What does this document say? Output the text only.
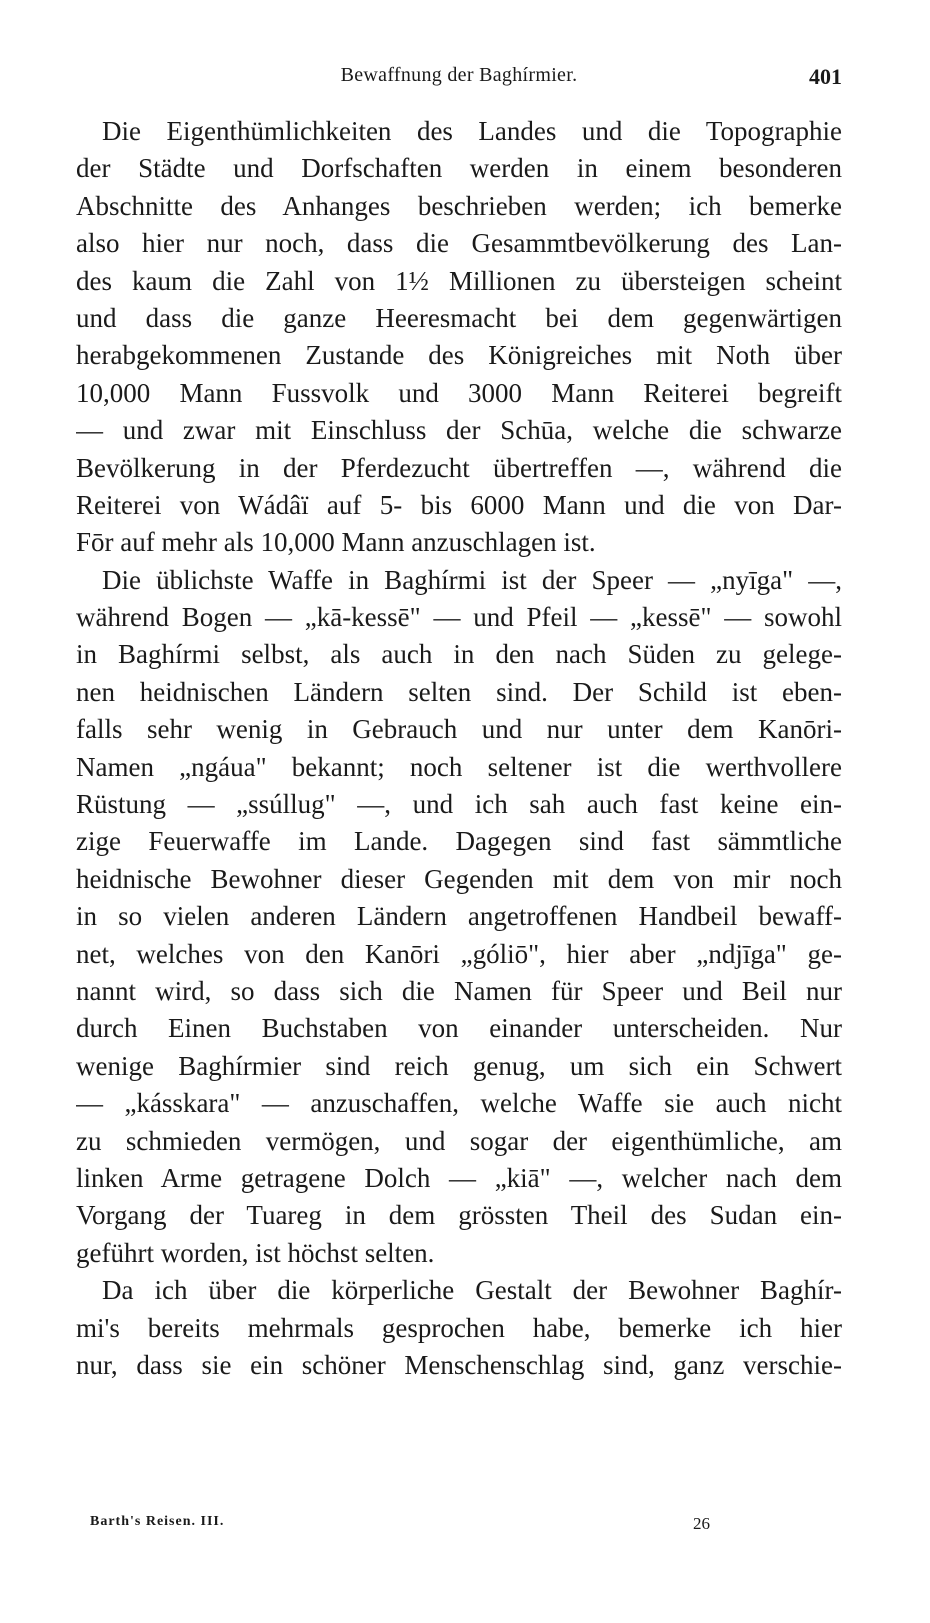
Bewaffnung der Baghírmier.	401
Die Eigenthümlichkeiten des Landes und die Topographie
der Städte und Dorfschaften werden in einem besonderen
Abschnitte des Anhanges beschrieben werden; ich bemerke
also hier nur noch, dass die Gesammtbevölkerung des Lan-
des kaum die Zahl von 1½ Millionen zu übersteigen scheint
und dass die ganze Heeresmacht bei dem gegenwärtigen
herabgekommenen Zustande des Königreiches mit Noth über
10,000 Mann Fussvolk und 3000 Mann Reiterei begreift
— und zwar mit Einschluss der Schūa, welche die schwarze
Bevölkerung in der Pferdezucht übertreffen —, während die
Reiterei von Wádâï auf 5- bis 6000 Mann und die von Dar-
Fōr auf mehr als 10,000 Mann anzuschlagen ist.
Die üblichste Waffe in Baghírmi ist der Speer — „nyīga" —,
während Bogen — „kā-kessē" — und Pfeil — „kessē" — sowohl
in Baghírmi selbst, als auch in den nach Süden zu gelege-
nen heidnischen Ländern selten sind. Der Schild ist eben-
falls sehr wenig in Gebrauch und nur unter dem Kanōri-
Namen „ngáua" bekannt; noch seltener ist die werthvollere
Rüstung — „ssúllug" —, und ich sah auch fast keine ein-
zige Feuerwaffe im Lande. Dagegen sind fast sämmtliche
heidnische Bewohner dieser Gegenden mit dem von mir noch
in so vielen anderen Ländern angetroffenen Handbeil bewaff-
net, welches von den Kanōri „góliō", hier aber „ndjīga" ge-
nannt wird, so dass sich die Namen für Speer und Beil nur
durch Einen Buchstaben von einander unterscheiden. Nur
wenige Baghírmier sind reich genug, um sich ein Schwert
— „kásskara" — anzuschaffen, welche Waffe sie auch nicht
zu schmieden vermögen, und sogar der eigenthümliche, am
linken Arme getragene Dolch — „kiā" —, welcher nach dem
Vorgang der Tuareg in dem grössten Theil des Sudan ein-
geführt worden, ist höchst selten.
Da ich über die körperliche Gestalt der Bewohner Baghír-
mi's bereits mehrmals gesprochen habe, bemerke ich hier
nur, dass sie ein schöner Menschenschlag sind, ganz verschie-
Barth's Reisen. III.	26
